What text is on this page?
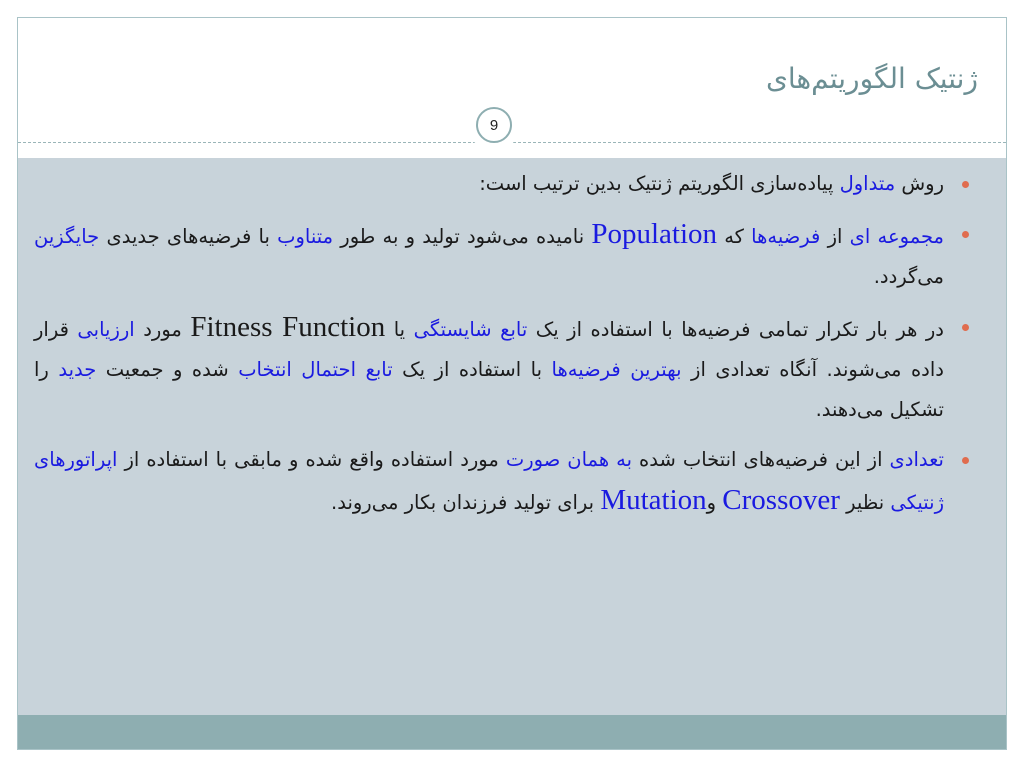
ژنتیک الگوریتم‌های
9
روش متداول پیاده‌سازی الگوریتم ژنتیک بدین ترتیب است:
مجموعه ای از فرضیه‌ها که Population نامیده می‌شود تولید و به طور متناوب با فرضیه‌های جدیدی جایگزین می‌گردد.
در هر بار تکرار تمامی فرضیه‌ها با استفاده از یک تابع شایستگی یا Fitness Function مورد ارزیابی قرار داده می‌شوند. آنگاه تعدادی از بهترین فرضیه‌ها با استفاده از یک تابع احتمال انتخاب شده و جمعیت جدید را تشکیل می‌دهند.
تعدادی از این فرضیه‌های انتخاب شده به همان صورت مورد استفاده واقع شده و مابقی با استفاده از اپراتورهای ژنتیکی نظیر Crossover وMutation برای تولید فرزندان بکار می‌روند.
